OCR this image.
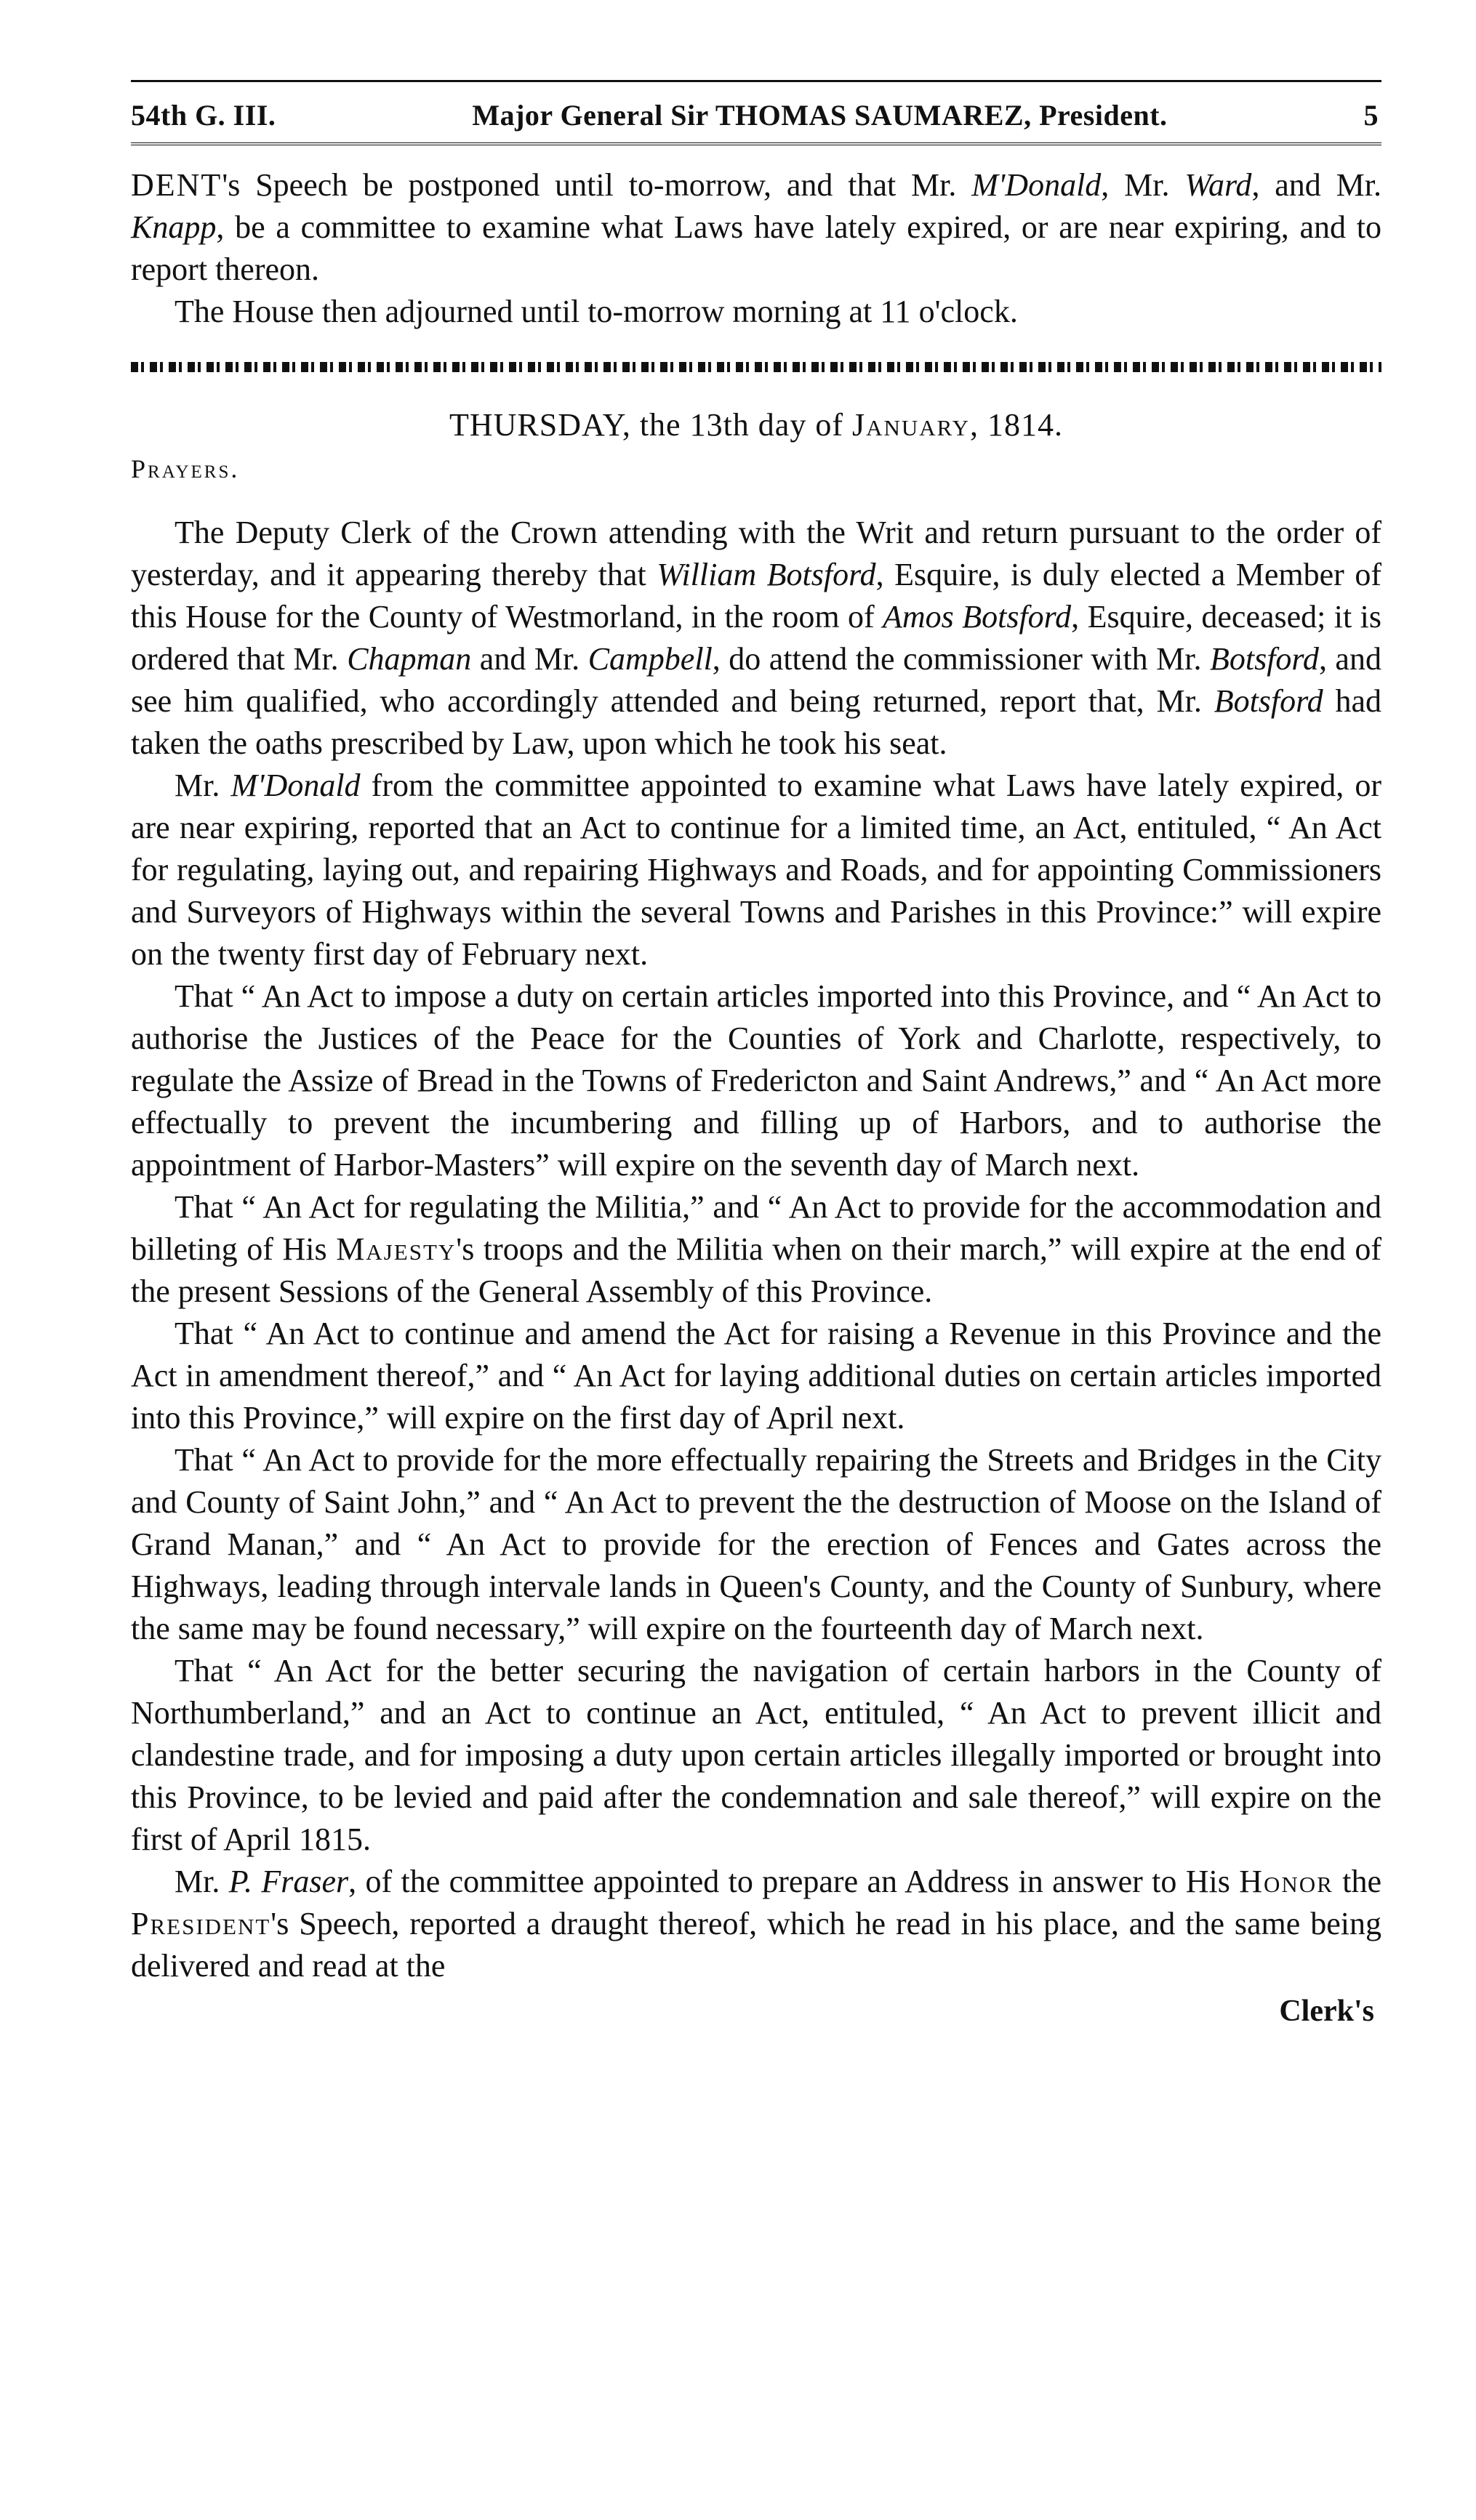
54th G. III.	Major General Sir THOMAS SAUMAREZ, President.	5

DENT's Speech be postponed until to-morrow, and that Mr. M'Donald, Mr. Ward, and Mr. Knapp, be a committee to examine what Laws have lately expired, or are near expiring, and to report thereon.

The House then adjourned until to-morrow morning at 11 o'clock.

THURSDAY, the 13th day of January, 1814.
Prayers.

The Deputy Clerk of the Crown attending with the Writ and return pursuant to the order of yesterday, and it appearing thereby that William Botsford, Esquire, is duly elected a Member of this House for the County of Westmorland, in the room of Amos Botsford, Esquire, deceased; it is ordered that Mr. Chapman and Mr. Campbell, do attend the commissioner with Mr. Botsford, and see him qualified, who accordingly attended and being returned, report that, Mr. Botsford had taken the oaths prescribed by Law, upon which he took his seat.

Mr. M'Donald from the committee appointed to examine what Laws have lately expired, or are near expiring, reported that an Act to continue for a limited time, an Act, entituled, “ An Act for regulating, laying out, and repairing Highways and Roads, and for appointing Commissioners and Surveyors of Highways within the several Towns and Parishes in this Province:” will expire on the twenty first day of February next.

That “ An Act to impose a duty on certain articles imported into this Province, and “ An Act to authorise the Justices of the Peace for the Counties of York and Charlotte, respectively, to regulate the Assize of Bread in the Towns of Fredericton and Saint Andrews,” and “ An Act more effectually to prevent the incumbering and filling up of Harbors, and to authorise the appointment of Harbor-Masters” will expire on the seventh day of March next.

That “ An Act for regulating the Militia,” and “ An Act to provide for the accommodation and billeting of His Majesty's troops and the Militia when on their march,” will expire at the end of the present Sessions of the General Assembly of this Province.

That “ An Act to continue and amend the Act for raising a Revenue in this Province and the Act in amendment thereof,” and “ An Act for laying additional duties on certain articles imported into this Province,” will expire on the first day of April next.

That “ An Act to provide for the more effectually repairing the Streets and Bridges in the City and County of Saint John,” and “ An Act to prevent the the destruction of Moose on the Island of Grand Manan,” and “ An Act to provide for the erection of Fences and Gates across the Highways, leading through intervale lands in Queen's County, and the County of Sunbury, where the same may be found necessary,” will expire on the fourteenth day of March next.

That “ An Act for the better securing the navigation of certain harbors in the County of Northumberland,” and an Act to continue an Act, entituled, “ An Act to prevent illicit and clandestine trade, and for imposing a duty upon certain articles illegally imported or brought into this Province, to be levied and paid after the condemnation and sale thereof,” will expire on the first of April 1815.

Mr. P. Fraser, of the committee appointed to prepare an Address in answer to His Honor the President's Speech, reported a draught thereof, which he read in his place, and the same being delivered and read at the

Clerk's
